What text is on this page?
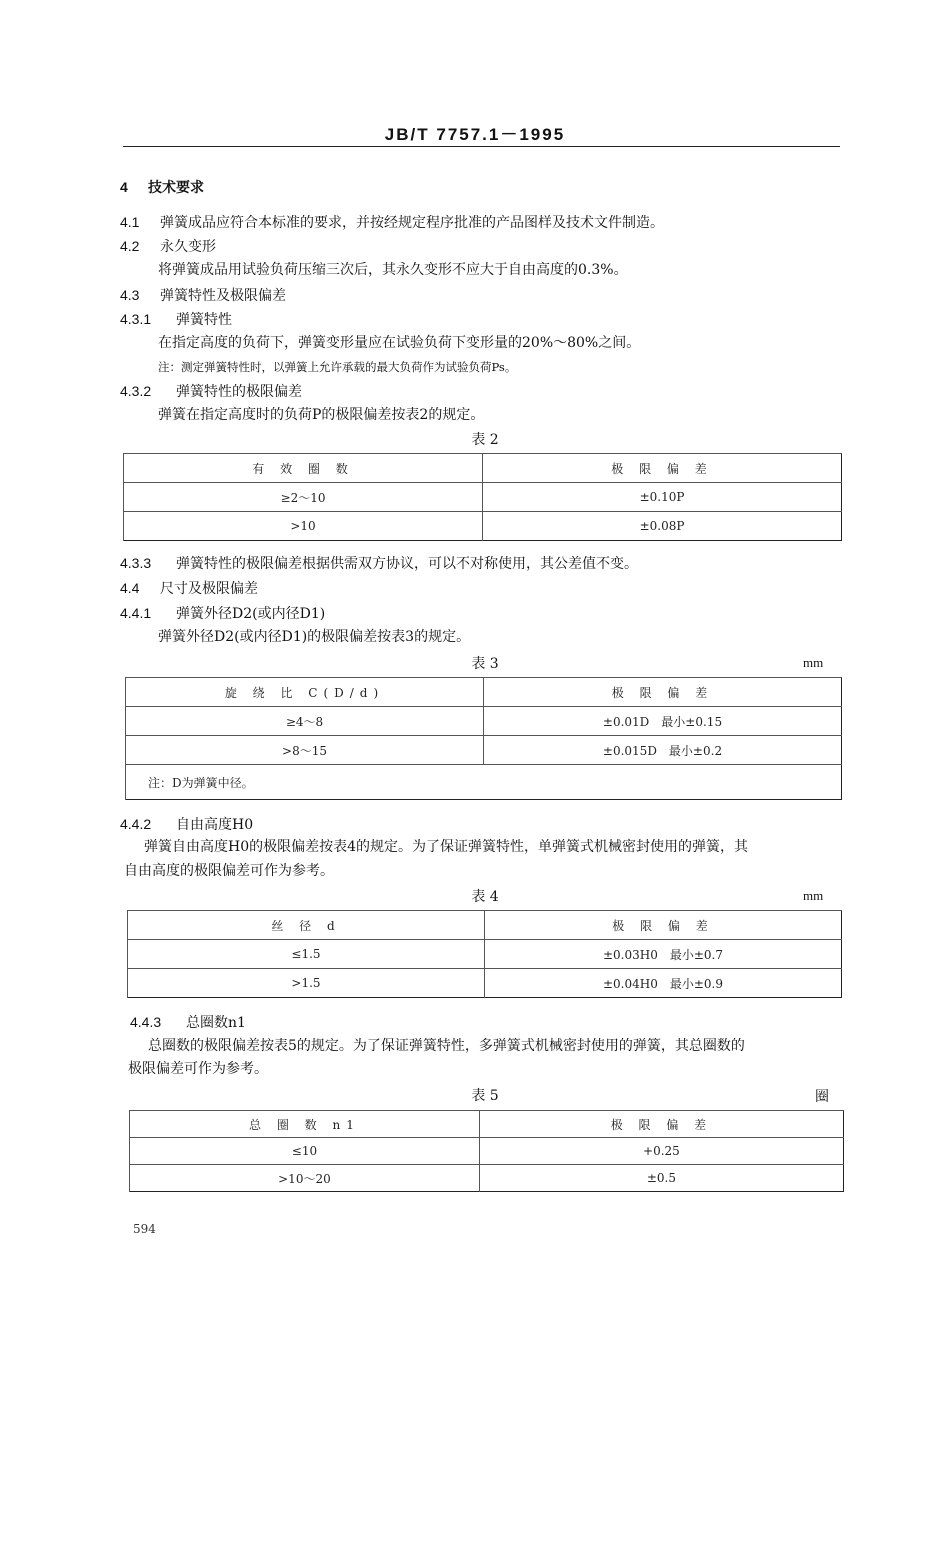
JB/T 7757.1－1995
4 技术要求
4.1 弹簧成品应符合本标准的要求，并按经规定程序批准的产品图样及技术文件制造。
4.2 永久变形
将弹簧成品用试验负荷压缩三次后，其永久变形不应大于自由高度的0.3%。
4.3 弹簧特性及极限偏差
4.3.1 弹簧特性
在指定高度的负荷下，弹簧变形量应在试验负荷下变形量的20%～80%之间。
注：测定弹簧特性时，以弹簧上允许承载的最大负荷作为试验负荷Ps。
4.3.2 弹簧特性的极限偏差
弹簧在指定高度时的负荷P的极限偏差按表2的规定。
表 2
有 效 圈 数	极 限 偏 差
≥2～10	±0.10P
>10	±0.08P
4.3.3 弹簧特性的极限偏差根据供需双方协议，可以不对称使用，其公差值不变。
4.4 尺寸及极限偏差
4.4.1 弹簧外径D2(或内径D1)
弹簧外径D2(或内径D1)的极限偏差按表3的规定。
表 3	mm
旋 绕 比 C(D/d)	极 限 偏 差
≥4～8	±0.01D　最小±0.15
>8～15	±0.015D　最小±0.2
注：D为弹簧中径。	
4.4.2 自由高度H0
弹簧自由高度H0的极限偏差按表4的规定。为了保证弹簧特性，单弹簧式机械密封使用的弹簧，其
自由高度的极限偏差可作为参考。
表 4	mm
丝 径 d	极 限 偏 差
≤1.5	±0.03H0　最小±0.7
>1.5	±0.04H0　最小±0.9
4.4.3 总圈数n1
总圈数的极限偏差按表5的规定。为了保证弹簧特性，多弹簧式机械密封使用的弹簧，其总圈数的
极限偏差可作为参考。
表 5	圈
总 圈 数 n1	极 限 偏 差
≤10	+0.25
>10～20	±0.5
594
